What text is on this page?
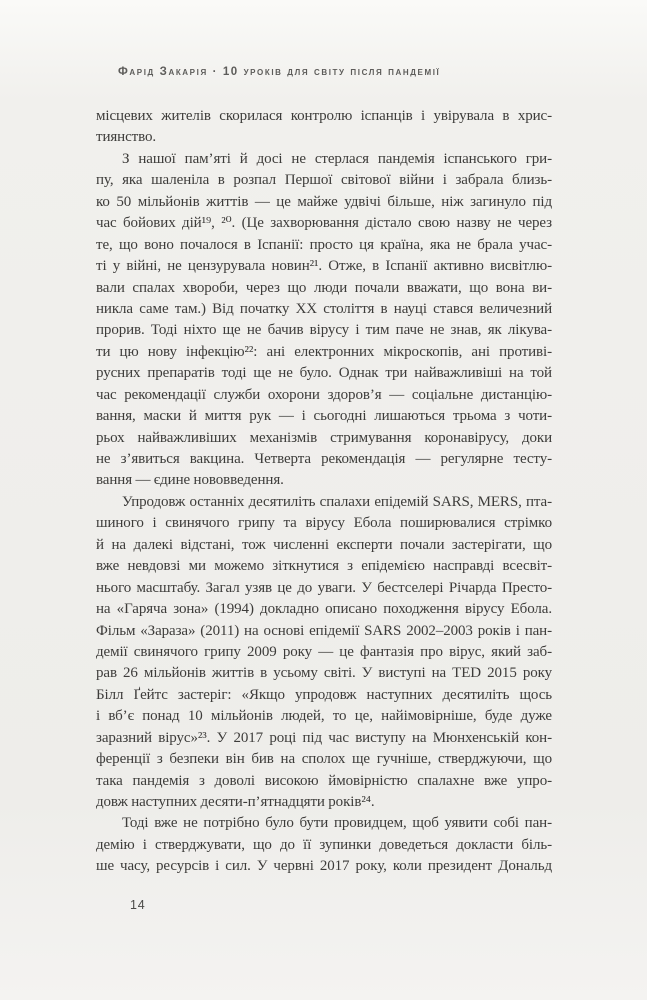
Фарід Закарія · 10 уроків для світу після пандемії

місцевих жителів скорилася контролю іспанців і увірувала в хрис-
тиянство.

З нашої пам’яті й досі не стерлася пандемія іспанського гри-
пу, яка шаленіла в розпал Першої світової війни і забрала близь-
ко 50 мільйонів життів — це майже удвічі більше, ніж загинуло під
час бойових дій¹⁹, ²⁰. (Це захворювання дістало свою назву не через
те, що воно почалося в Іспанії: просто ця країна, яка не брала учас-
ті у війні, не цензурувала новин²¹. Отже, в Іспанії активно висвітлю-
вали спалах хвороби, через що люди почали вважати, що вона ви-
никла саме там.) Від початку XX століття в науці стався величезний
прорив. Тоді ніхто ще не бачив вірусу і тим паче не знав, як лікува-
ти цю нову інфекцію²²: ані електронних мікроскопів, ані противі-
русних препаратів тоді ще не було. Однак три найважливіші на той
час рекомендації служби охорони здоров’я — соціальне дистанцію-
вання, маски й миття рук — і сьогодні лишаються трьома з чоти-
рьох найважливіших механізмів стримування коронавірусу, доки
не з’явиться вакцина. Четверта рекомендація — регулярне тесту-
вання — єдине нововведення.

Упродовж останніх десятиліть спалахи епідемій SARS, MERS, пта-
шиного і свинячого грипу та вірусу Ебола поширювалися стрімко
й на далекі відстані, тож численні експерти почали застерігати, що
вже невдовзі ми можемо зіткнутися з епідемією насправді всесвіт-
нього масштабу. Загал узяв це до уваги. У бестселері Річарда Престо-
на «Гаряча зона» (1994) докладно описано походження вірусу Ебола.
Фільм «Зараза» (2011) на основі епідемії SARS 2002–2003 років і пан-
демії свинячого грипу 2009 року — це фантазія про вірус, який заб-
рав 26 мільйонів життів в усьому світі. У виступі на TED 2015 року
Білл Ґейтс застеріг: «Якщо упродовж наступних десятиліть щось
і вб’є понад 10 мільйонів людей, то це, найімовірніше, буде дуже
заразний вірус»²³. У 2017 році під час виступу на Мюнхенській кон-
ференції з безпеки він бив на сполох ще гучніше, стверджуючи, що
така пандемія з доволі високою ймовірністю спалахне вже упро-
довж наступних десяти-п’ятнадцяти років²⁴.

Тоді вже не потрібно було бути провидцем, щоб уявити собі пан-
демію і стверджувати, що до її зупинки доведеться докласти біль-
ше часу, ресурсів і сил. У червні 2017 року, коли президент Дональд

14
